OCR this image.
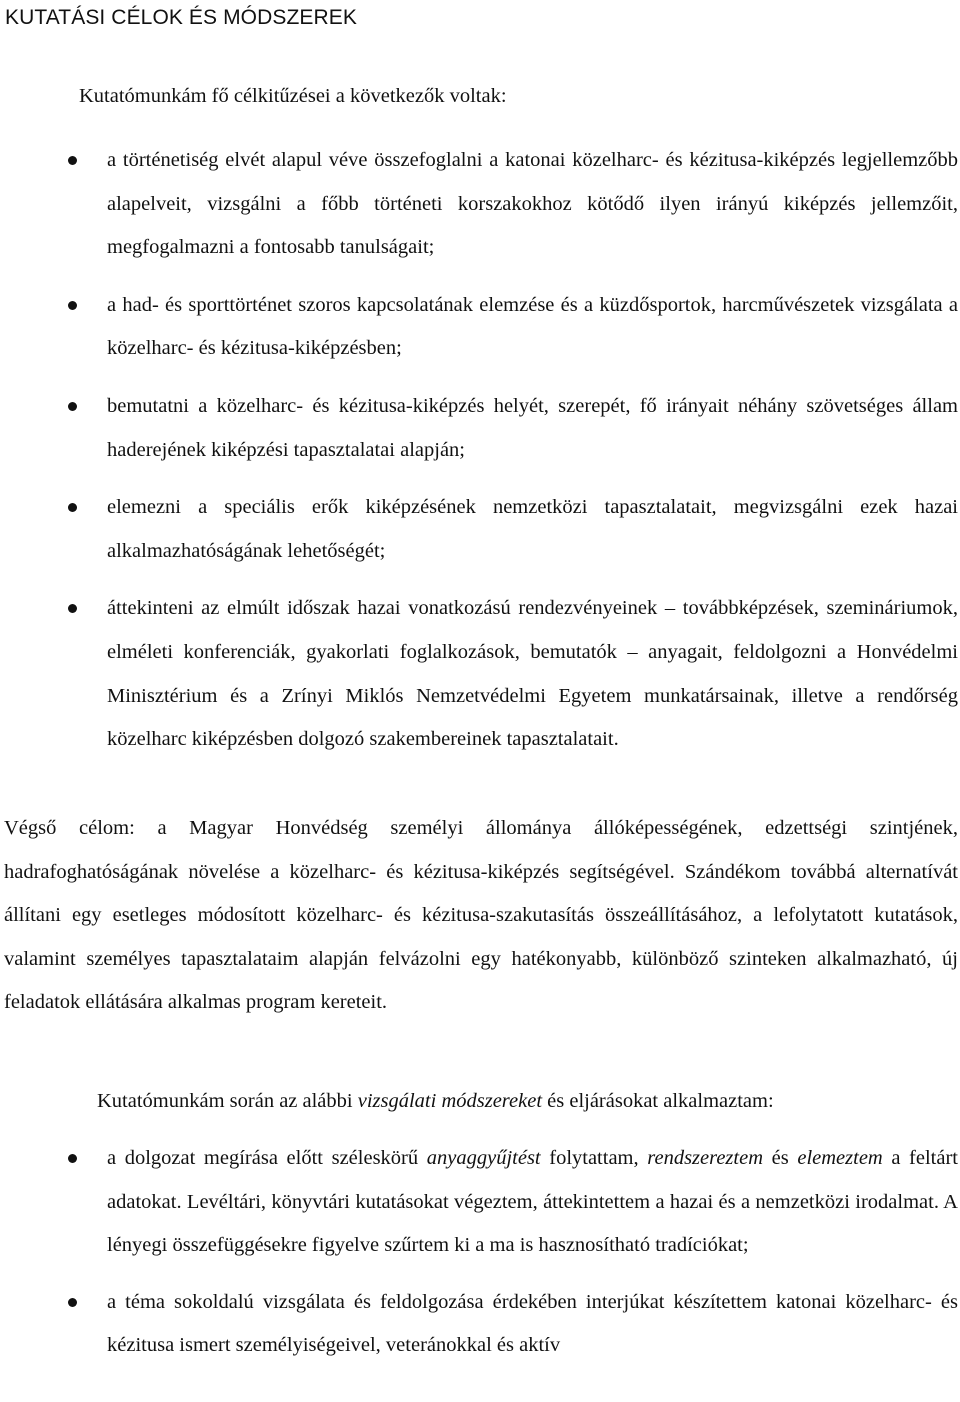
KUTATÁSI CÉLOK ÉS MÓDSZEREK

Kutatómunkám fő célkitűzései a következők voltak:

a történetiség elvét alapul véve összefoglalni a katonai közelharc- és kézitusa-kiképzés legjellemzőbb alapelveit, vizsgálni a főbb történeti korszakokhoz kötődő ilyen irányú kiképzés jellemzőit, megfogalmazni a fontosabb tanulságait;
a had- és sporttörténet szoros kapcsolatának elemzése és a küzdősportok, harcművészetek vizsgálata a közelharc- és kézitusa-kiképzésben;
bemutatni a közelharc- és kézitusa-kiképzés helyét, szerepét, fő irányait néhány szövetséges állam haderejének kiképzési tapasztalatai alapján;
elemezni a speciális erők kiképzésének nemzetközi tapasztalatait, megvizsgálni ezek hazai alkalmazhatóságának lehetőségét;
áttekinteni az elmúlt időszak hazai vonatkozású rendezvényeinek – továbbképzések, szemináriumok, elméleti konferenciák, gyakorlati foglalkozások, bemutatók – anyagait, feldolgozni a Honvédelmi Minisztérium és a Zrínyi Miklós Nemzetvédelmi Egyetem munkatársainak, illetve a rendőrség közelharc kiképzésben dolgozó szakembereinek tapasztalatait.

Végső célom: a Magyar Honvédség személyi állománya állóképességének, edzettségi szintjének, hadrafoghatóságának növelése a közelharc- és kézitusa-kiképzés segítségével. Szándékom továbbá alternatívát állítani egy esetleges módosított közelharc- és kézitusa-szakutasítás összeállításához, a lefolytatott kutatások, valamint személyes tapasztalataim alapján felvázolni egy hatékonyabb, különböző szinteken alkalmazható, új feladatok ellátására alkalmas program kereteit.

Kutatómunkám során az alábbi vizsgálati módszereket és eljárásokat alkalmaztam:

a dolgozat megírása előtt széleskörű anyaggyűjtést folytattam, rendszereztem és elemeztem a feltárt adatokat. Levéltári, könyvtári kutatásokat végeztem, áttekintettem a hazai és a nemzetközi irodalmat. A lényegi összefüggésekre figyelve szűrtem ki a ma is hasznosítható tradíciókat;
a téma sokoldalú vizsgálata és feldolgozása érdekében interjúkat készítettem katonai közelharc- és kézitusa ismert személyiségeivel, veteránokkal és aktív
